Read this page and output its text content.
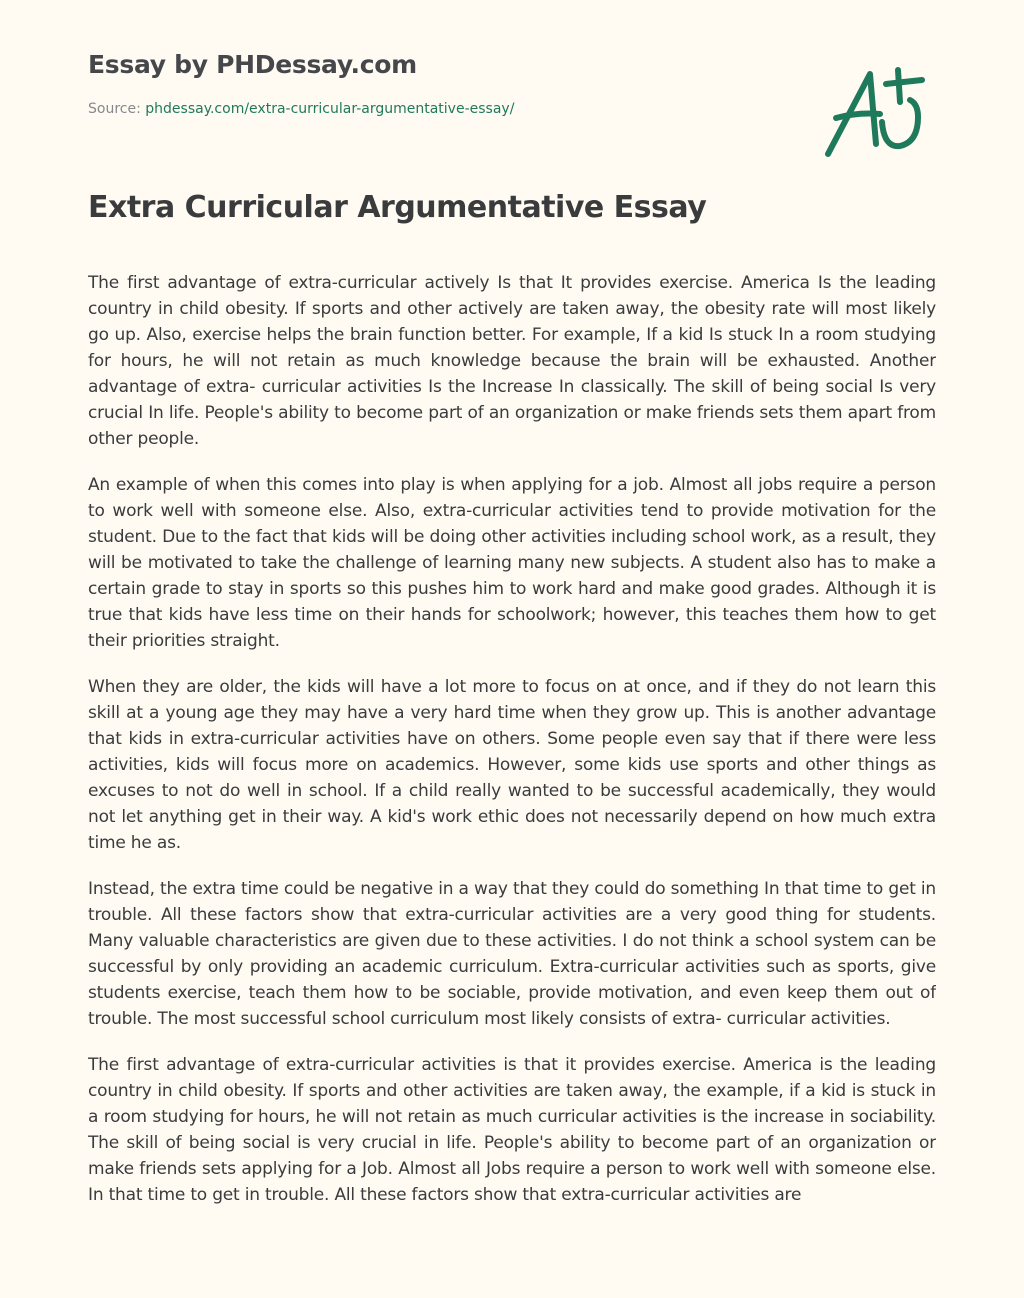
Essay by PHDessay.com
Source: phdessay.com/extra-curricular-argumentative-essay/
Extra Curricular Argumentative Essay

The first advantage of extra-curricular actively Is that It provides exercise. America Is the leading country in child obesity. If sports and other actively are taken away, the obesity rate will most likely go up. Also, exercise helps the brain function better. For example, If a kid Is stuck In a room studying for hours, he will not retain as much knowledge because the brain will be exhausted. Another advantage of extra- curricular activities Is the Increase In classically. The skill of being social Is very crucial In life. People's ability to become part of an organization or make friends sets them apart from other people.

An example of when this comes into play is when applying for a job. Almost all jobs require a person to work well with someone else. Also, extra-curricular activities tend to provide motivation for the student. Due to the fact that kids will be doing other activities including school work, as a result, they will be motivated to take the challenge of learning many new subjects. A student also has to make a certain grade to stay in sports so this pushes him to work hard and make good grades. Although it is true that kids have less time on their hands for schoolwork; however, this teaches them how to get their priorities straight.

When they are older, the kids will have a lot more to focus on at once, and if they do not learn this skill at a young age they may have a very hard time when they grow up. This is another advantage that kids in extra-curricular activities have on others. Some people even say that if there were less activities, kids will focus more on academics. However, some kids use sports and other things as excuses to not do well in school. If a child really wanted to be successful academically, they would not let anything get in their way. A kid's work ethic does not necessarily depend on how much extra time he as.

Instead, the extra time could be negative in a way that they could do something In that time to get in trouble. All these factors show that extra-curricular activities are a very good thing for students. Many valuable characteristics are given due to these activities. I do not think a school system can be successful by only providing an academic curriculum. Extra-curricular activities such as sports, give students exercise, teach them how to be sociable, provide motivation, and even keep them out of trouble. The most successful school curriculum most likely consists of extra- curricular activities.

The first advantage of extra-curricular activities is that it provides exercise. America is the leading country in child obesity. If sports and other activities are taken away, the example, if a kid is stuck in a room studying for hours, he will not retain as much curricular activities is the increase in sociability. The skill of being social is very crucial in life. People's ability to become part of an organization or make friends sets applying for a Job. Almost all Jobs require a person to work well with someone else. In that time to get in trouble. All these factors show that extra-curricular activities are
